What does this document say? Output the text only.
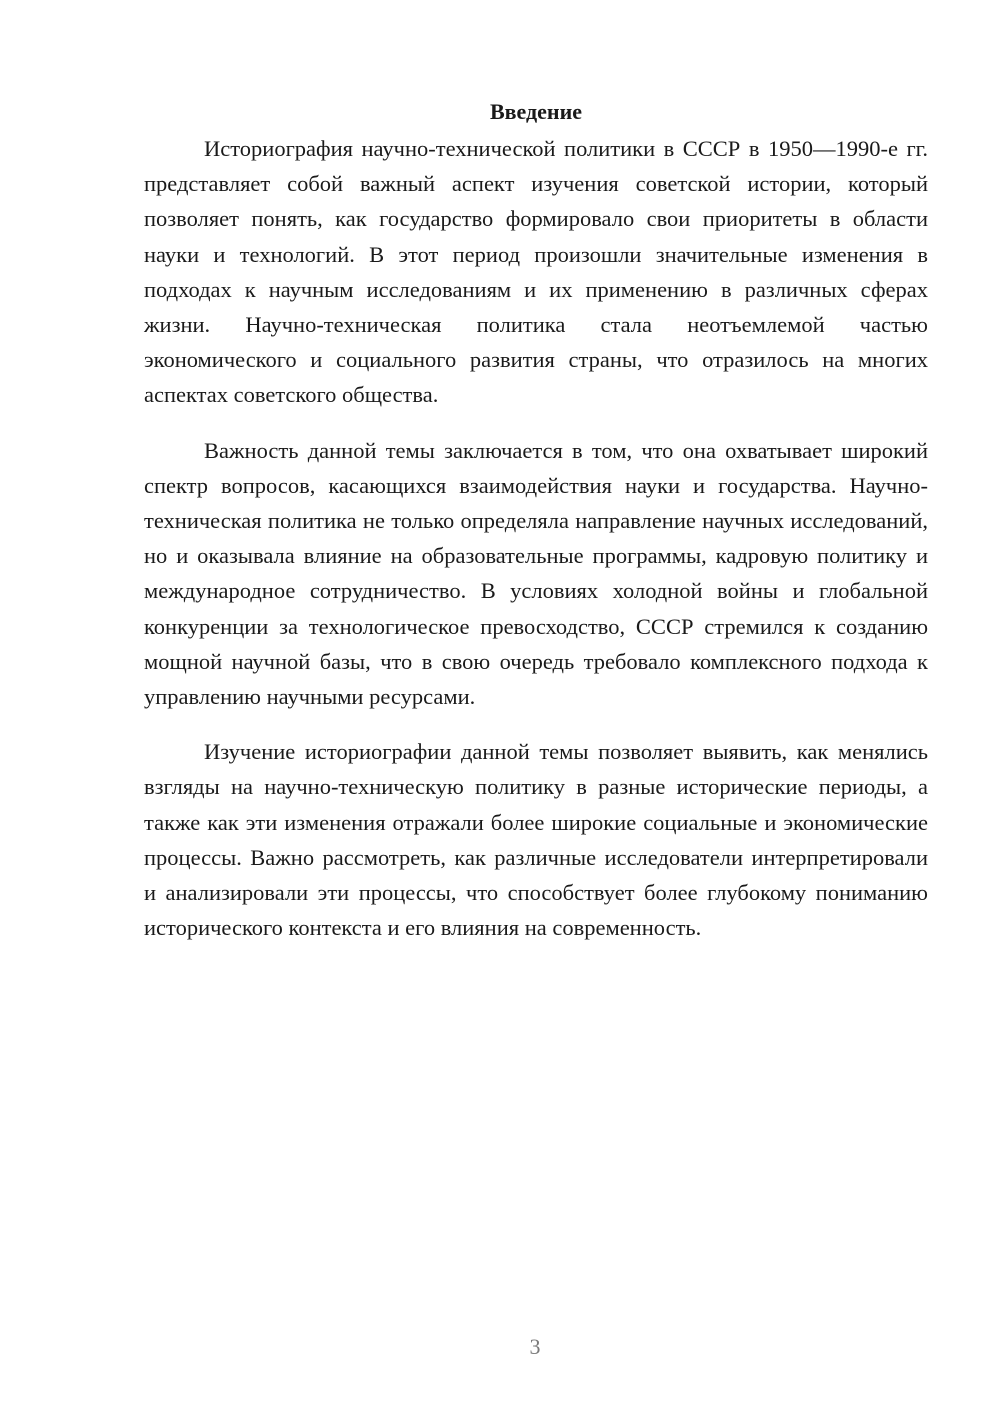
Введение

Историография научно-технической политики в СССР в 1950—1990-е гг. представляет собой важный аспект изучения советской истории, который позволяет понять, как государство формировало свои приоритеты в области науки и технологий. В этот период произошли значительные изменения в подходах к научным исследованиям и их применению в различных сферах жизни. Научно-техническая политика стала неотъемлемой частью экономического и социального развития страны, что отразилось на многих аспектах советского общества.

Важность данной темы заключается в том, что она охватывает широкий спектр вопросов, касающихся взаимодействия науки и государства. Научно-техническая политика не только определяла направление научных исследований, но и оказывала влияние на образовательные программы, кадровую политику и международное сотрудничество. В условиях холодной войны и глобальной конкуренции за технологическое превосходство, СССР стремился к созданию мощной научной базы, что в свою очередь требовало комплексного подхода к управлению научными ресурсами.

Изучение историографии данной темы позволяет выявить, как менялись взгляды на научно-техническую политику в разные исторические периоды, а также как эти изменения отражали более широкие социальные и экономические процессы. Важно рассмотреть, как различные исследователи интерпретировали и анализировали эти процессы, что способствует более глубокому пониманию исторического контекста и его влияния на современность.

3
